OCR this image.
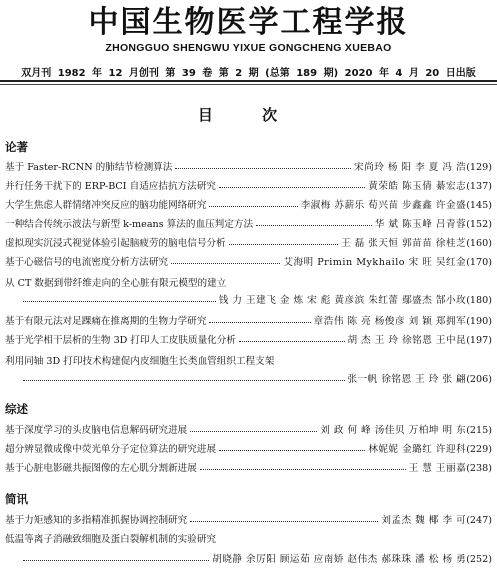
中国生物医学工程学报
ZHONGGUO SHENGWU YIXUE GONGCHENG XUEBAO
双月刊 1982 年 12 月创刊 第 39 卷 第 2 期 (总第 189 期) 2020 年 4 月 20 日出版
目 次
论著
基于 Faster-RCNN 的肺结节检测算法	宋尚玲 杨 阳 李 夏 冯 浩 (129)
并行任务干扰下的 ERP-BCI 自适应拮抗方法研究	黄荣皓 陈玉倩 綦宏志 (137)
大学生焦虑人群情绪冲突反应的脑功能网络研究	李淑梅 苏薪乐 荀兴苗 步鑫鑫 许金盛 (145)
一种结合传统示波法与新型 k-means 算法的血压判定方法	华 斌 陈玉峰 吕青蓉 (152)
虚拟现实沉浸式视觉体验引起脑疲劳的脑电信号分析	王 磊 张天恒 郭苗苗 徐桂芝 (160)
基于心磁信号的电流密度分析方法研究	艾海明 Primin Mykhailo 宋 旺 吴红金 (170)
从 CT 数据到带纤维走向的全心脏有限元模型的建立
钱 力 王建飞 金 炼 宋 彪 黄彦滨 朱红蕾 鄢盛杰 郜小玫 (180)
基于有限元法对足踝痛在推离期的生物力学研究	章浩伟 陈 亮 杨俊彦 刘 颖 郑拥军 (190)
基于光学相干层析的生物 3D 打印人工皮肤质量化分析	胡 杰 王 玲 徐铭恩 王中昆 (197)
利用同轴 3D 打印技术构建促内皮细胞生长类血管组织工程支架
张一帆 徐铭恩 王 玲 张 翩 (206)
综述
基于深度学习的头皮脑电信息解码研究进展	刘 政 何 峰 汤佳贝 万柏坤 明 东 (215)
超分辨显微成像中荧光单分子定位算法的研究进展	林妮妮 金璐红 许迎科 (229)
基于心脏电影磁共振图像的左心肌分割新进展	王 慧 王丽嘉 (238)
简讯
基于力矩感知的多指精准抓握协调控制研究	刘孟杰 魏 椰 李 可 (247)
低温等离子消融致细胞及蛋白裂解机制的实验研究
胡晓静 余厉阳 顾运茹 应南娇 赵伟杰 郝珠珠 潘 松 杨 勇 (252)
